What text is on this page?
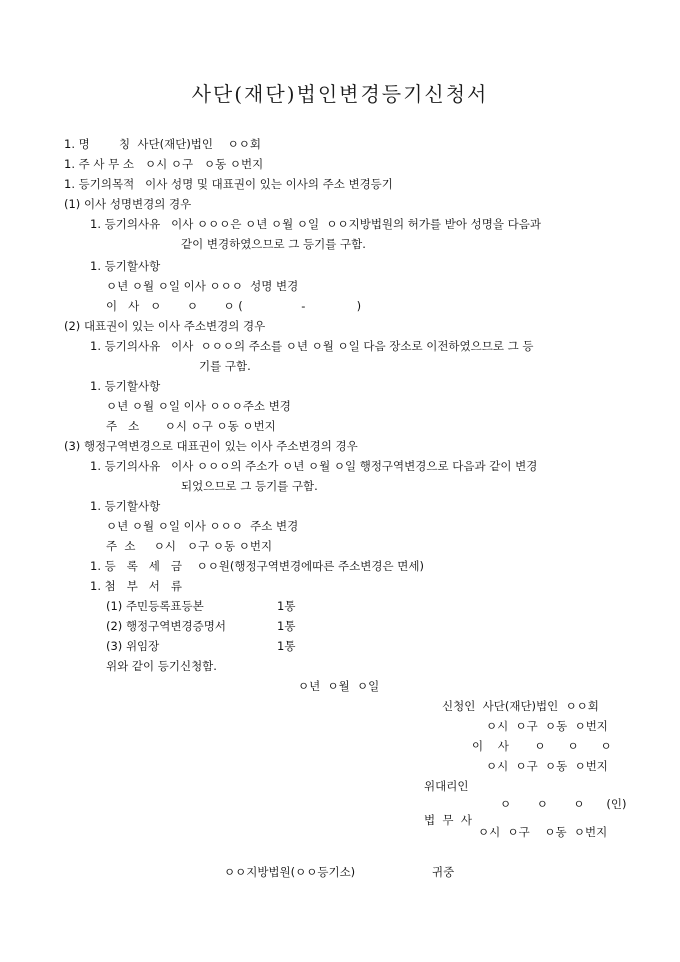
사단(재단)법인변경등기신청서
1. 명        칭  사단(재단)법인    ㅇㅇ회
1. 주 사 무 소   ㅇ시 ㅇ구   ㅇ동 ㅇ번지
1. 등기의목적   이사 성명 및 대표권이 있는 이사의 주소 변경등기
(1) 이사 성명변경의 경우
1. 등기의사유   이사 ㅇㅇㅇ은 ㅇ년 ㅇ월 ㅇ일  ㅇㅇ지방법원의 허가를 받아 성명을 다음과
같이 변경하였으므로 그 등기를 구함.
1. 등기할사항
ㅇ년 ㅇ월 ㅇ일 이사 ㅇㅇㅇ  성명 변경
이   사   ㅇ       ㅇ       ㅇ (                -              )
(2) 대표권이 있는 이사 주소변경의 경우
1. 등기의사유   이사  ㅇㅇㅇ의 주소를 ㅇ년 ㅇ월 ㅇ일 다음 장소로 이전하였으므로 그 등
기를 구함.
1. 등기할사항
ㅇ년 ㅇ월 ㅇ일 이사 ㅇㅇㅇ주소 변경
주   소       ㅇ시 ㅇ구 ㅇ동 ㅇ번지
(3) 행정구역변경으로 대표권이 있는 이사 주소변경의 경우
1. 등기의사유   이사 ㅇㅇㅇ의 주소가 ㅇ년 ㅇ월 ㅇ일 행정구역변경으로 다음과 같이 변경
되었으므로 그 등기를 구함.
1. 등기할사항
ㅇ년 ㅇ월 ㅇ일 이사 ㅇㅇㅇ  주소 변경
주  소     ㅇ시   ㅇ구 ㅇ동 ㅇ번지
1. 등   록   세   금    ㅇㅇ원(행정구역변경에따른 주소변경은 면세)
1. 첨   부   서   류
(1) 주민등록표등본	1통
(2) 행정구역변경증명서	1통
(3) 위임장	1통
위와 같이 등기신청함.
ㅇ년  ㅇ월  ㅇ일
신청인  사단(재단)법인  ㅇㅇ회
ㅇ시  ㅇ구  ㅇ동  ㅇ번지
이    사       ㅇ      ㅇ      ㅇ
ㅇ시  ㅇ구  ㅇ동  ㅇ번지
위대리인
ㅇ       ㅇ       ㅇ      (인)
법  무  사
ㅇ시  ㅇ구    ㅇ동  ㅇ번지
ㅇㅇ지방법원(ㅇㅇ등기소)	귀중
